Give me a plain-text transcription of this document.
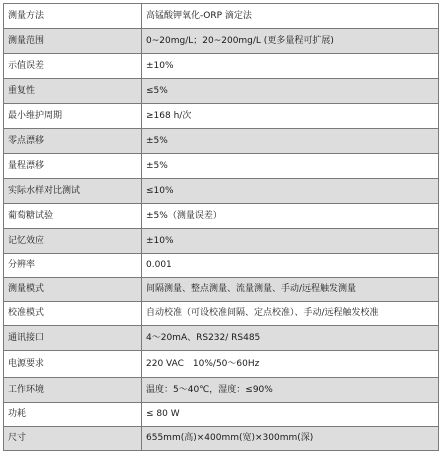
测量方法	高锰酸钾氧化-ORP 滴定法
测量范围	0~20mg/L；20~200mg/L (更多量程可扩展)
示值误差	±10%
重复性	≤5%
最小维护周期	≥168 h/次
零点漂移	±5%
量程漂移	±5%
实际水样对比测试	≤10%
葡萄糖试验	±5%（测量误差）
记忆效应	±10%
分辨率	0.001
测量模式	间隔测量、整点测量、流量测量、手动/远程触发测量
校准模式	自动校准（可设校准间隔、定点校准）、手动/远程触发校准
通讯接口	4～20mA、RS232/ RS485
电源要求	220 VAC　10%/50～60Hz
工作环境	温度：5～40℃，湿度：≤90%
功耗	≤ 80 W
尺寸	655mm(高)×400mm(宽)×300mm(深)
